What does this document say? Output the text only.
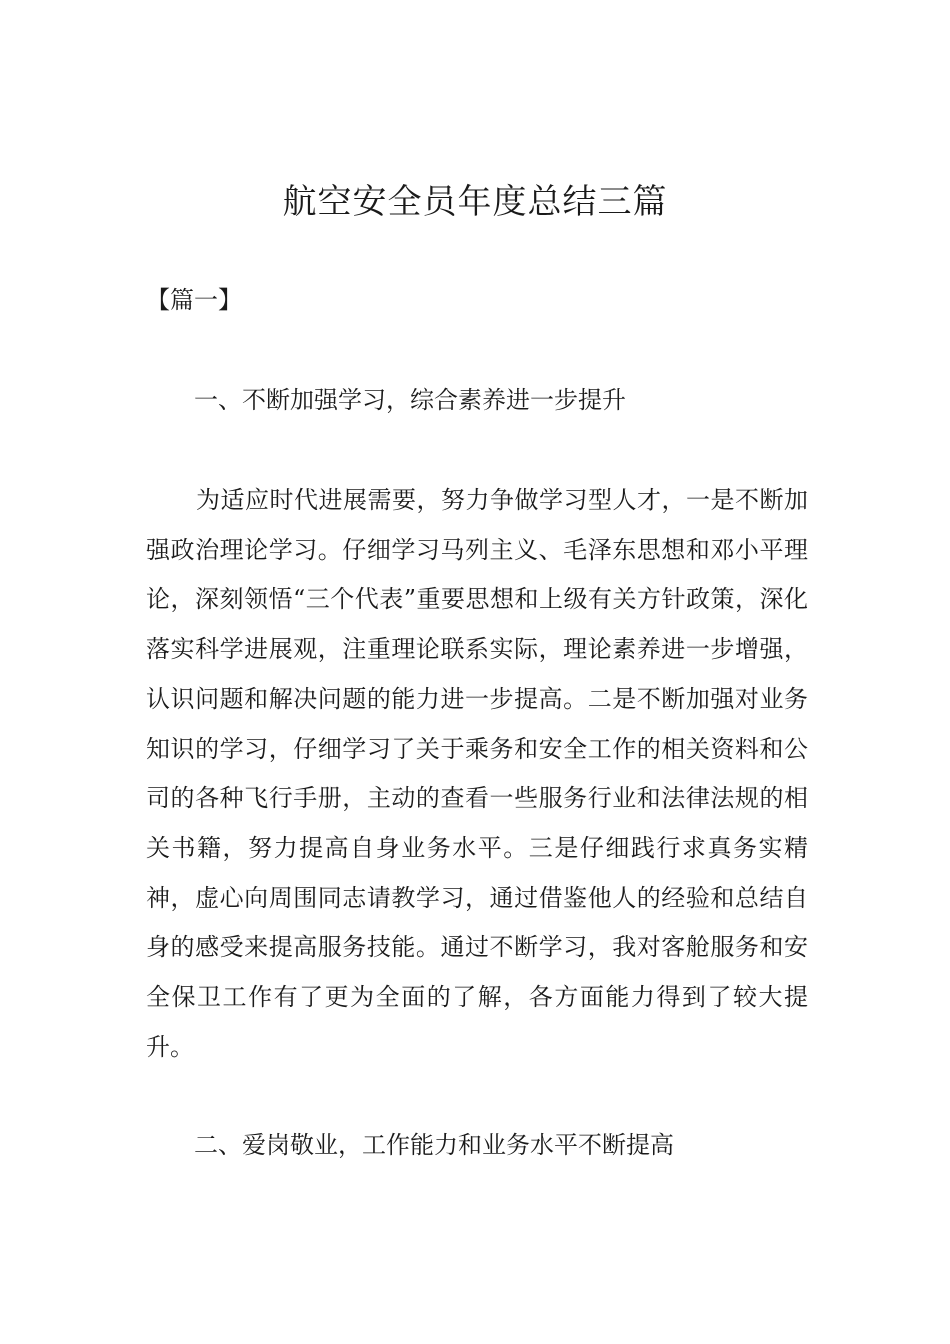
航空安全员年度总结三篇
【篇一】
一、不断加强学习，综合素养进一步提升

为适应时代进展需要，努力争做学习型人才，一是不断加强政治理论学习。仔细学习马列主义、毛泽东思想和邓小平理论，深刻领悟“三个代表”重要思想和上级有关方针政策，深化落实科学进展观，注重理论联系实际，理论素养进一步增强，认识问题和解决问题的能力进一步提高。二是不断加强对业务知识的学习，仔细学习了关于乘务和安全工作的相关资料和公司的各种飞行手册，主动的查看一些服务行业和法律法规的相关书籍，努力提高自身业务水平。三是仔细践行求真务实精神，虚心向周围同志请教学习，通过借鉴他人的经验和总结自身的感受来提高服务技能。通过不断学习，我对客舱服务和安全保卫工作有了更为全面的了解，各方面能力得到了较大提升。

二、爱岗敬业，工作能力和业务水平不断提高
